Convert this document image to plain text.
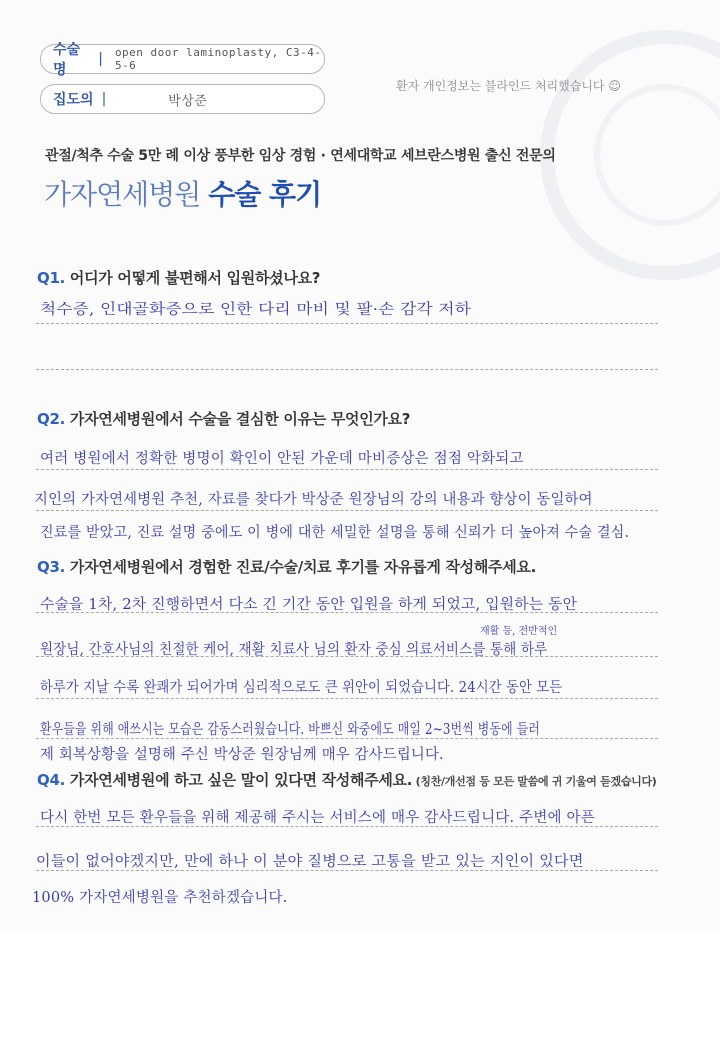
수술명
| open door laminoplasty, C3-4-5-6
집도의 |	박상준
환자 개인정보는 블라인드 처리했습니다 ☺
관절/척추 수술 5만 례 이상 풍부한 임상 경험 · 연세대학교 세브란스병원 출신 전문의
가자연세병원 수술 후기
Q1. 어디가 어떻게 불편해서 입원하셨나요?
척수증, 인대골화증으로 인한 다리 마비 및 팔·손 감각 저하
Q2. 가자연세병원에서 수술을 결심한 이유는 무엇인가요?
여러 병원에서 정확한 병명이 확인이 안된 가운데 마비증상은 점점 악화되고
지인의 가자연세병원 추천, 자료를 찾다가 박상준 원장님의 강의 내용과 향상이 동일하여
진료를 받았고, 진료 설명 중에도 이 병에 대한 세밀한 설명을 통해 신뢰가 더 높아져 수술 결심.
Q3. 가자연세병원에서 경험한 진료/수술/치료 후기를 자유롭게 작성해주세요.
수술을 1차, 2차 진행하면서 다소 긴 기간 동안 입원을 하게 되었고, 입원하는 동안
재활 등, 전반적인
원장님, 간호사님의 친절한 케어, 재활 치료사 님의 환자 중심 의료서비스를 통해 하루
하루가 지날 수록 완쾌가 되어가며 심리적으로도 큰 위안이 되었습니다. 24시간 동안 모든
환우들을 위해 애쓰시는 모습은 감동스러웠습니다. 바쁘신 와중에도 매일 2~3번씩 병동에 들러
제 회복상황을 설명해 주신 박상준 원장님께 매우 감사드립니다.
Q4. 가자연세병원에 하고 싶은 말이 있다면 작성해주세요. (칭찬/개선점 등 모든 말씀에 귀 기울여 듣겠습니다)
다시 한번 모든 환우들을 위해 제공해 주시는 서비스에 매우 감사드립니다. 주변에 아픈
이들이 없어야겠지만, 만에 하나 이 분야 질병으로 고통을 받고 있는 지인이 있다면
100% 가자연세병원을 추천하겠습니다.
